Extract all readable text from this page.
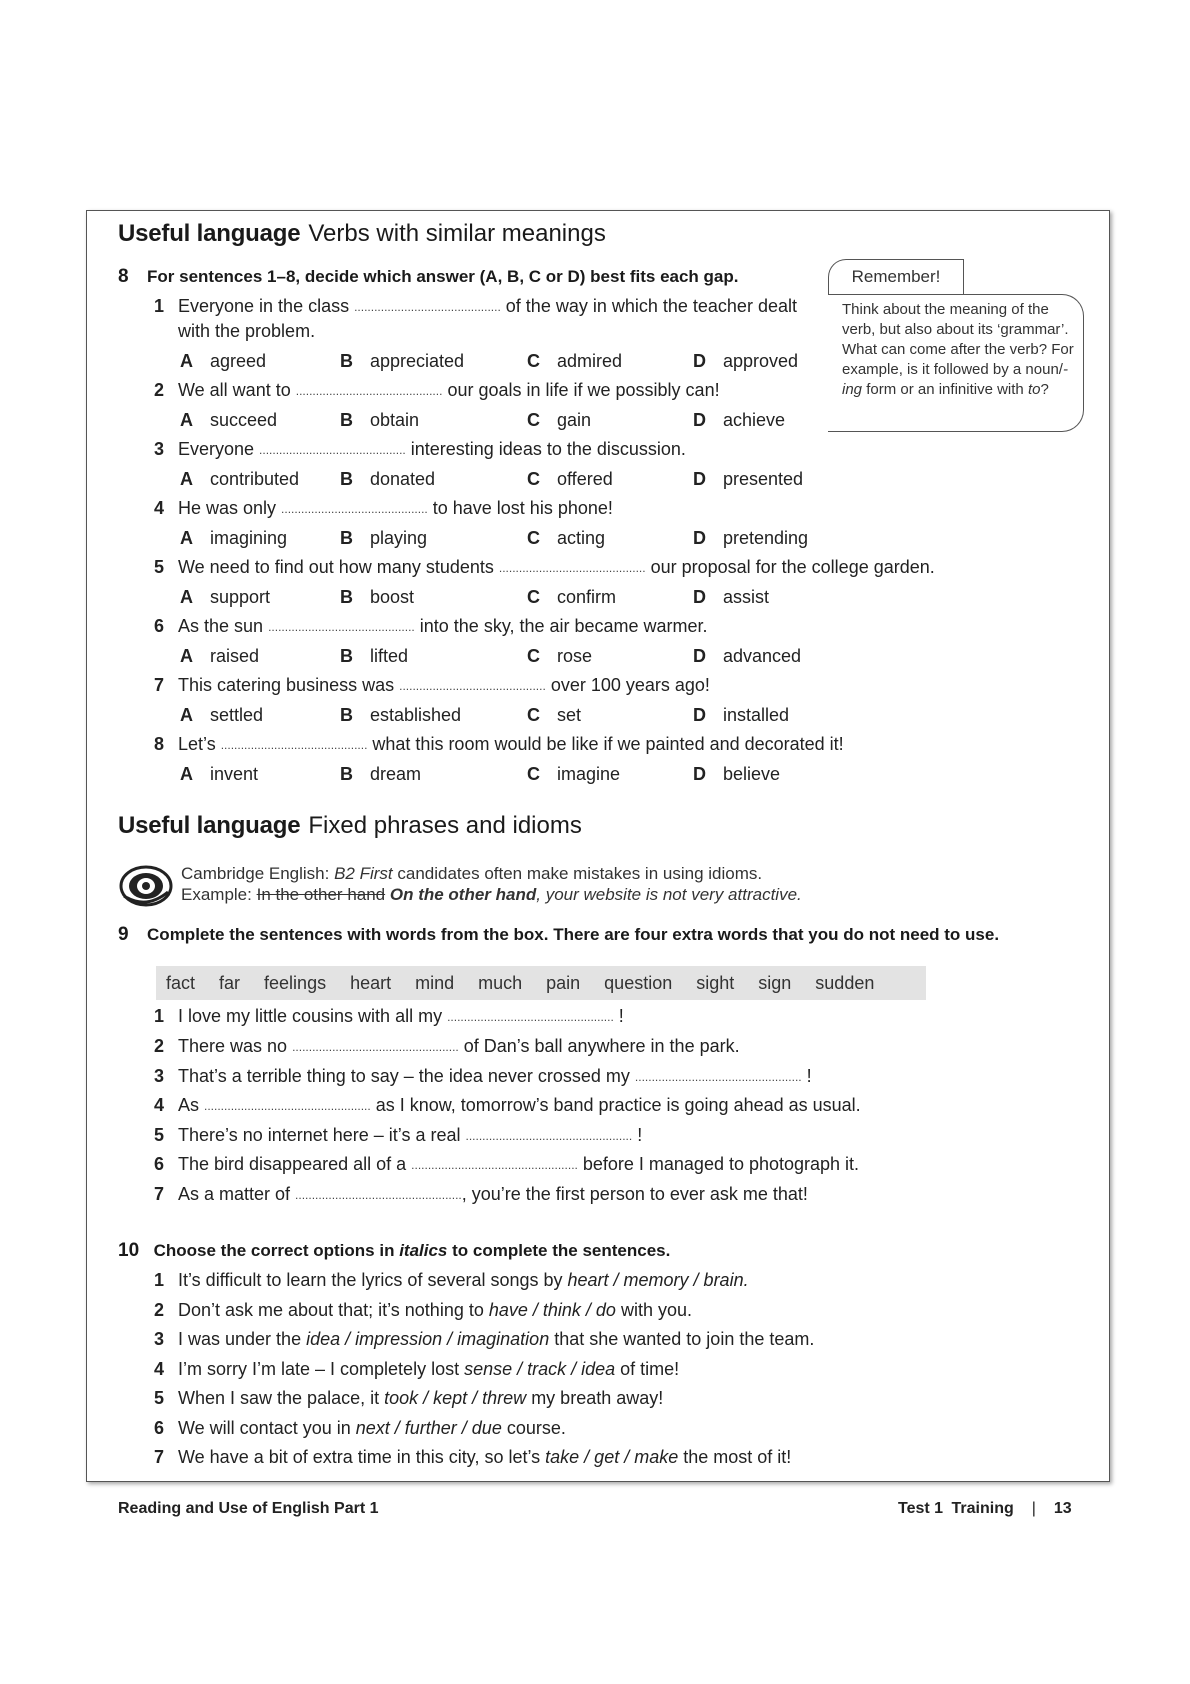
Useful language Verbs with similar meanings
8 For sentences 1–8, decide which answer (A, B, C or D) best fits each gap.	Remember!
Think about the meaning of the verb, but also about its ‘grammar’. What can come after the verb? For example, is it followed by a noun/-ing form or an infinitive with to?
1 Everyone in the class ............................................ of the way in which the teacher dealt
with the problem.
A agreed	B appreciated	C admired	D approved
2 We all want to ............................................ our goals in life if we possibly can!
A succeed	B obtain	C gain	D achieve
3 Everyone ............................................ interesting ideas to the discussion.
A contributed B donated	C offered	D presented
4 He was only ............................................ to have lost his phone!
A imagining	B playing	C acting	D pretending
5 We need to find out how many students ............................................ our proposal for the college garden.
A support	B boost	C confirm	D assist
6 As the sun ............................................ into the sky, the air became warmer.
A raised	B lifted	C rose	D advanced
7 This catering business was ............................................ over 100 years ago!
A settled	B established	C set	D installed
8 Let’s ............................................ what this room would be like if we painted and decorated it!
A invent	B dream	C imagine	D believe
Useful language Fixed phrases and idioms
Cambridge English: B2 First candidates often make mistakes in using idioms.
Example: In the other hand On the other hand, your website is not very attractive.
9 Complete the sentences with words from the box. There are four extra words that you do not need to use.
fact far feelings heart mind much pain question sight sign sudden
1 I love my little cousins with all my .................................................. !
2 There was no .................................................. of Dan’s ball anywhere in the park.
3 That’s a terrible thing to say – the idea never crossed my .................................................. !
4 As .................................................. as I know, tomorrow’s band practice is going ahead as usual.
5 There’s no internet here – it’s a real .................................................. !
6 The bird disappeared all of a .................................................. before I managed to photograph it.
7 As a matter of .................................................., you’re the first person to ever ask me that!
10 Choose the correct options in italics to complete the sentences.
1 It’s difficult to learn the lyrics of several songs by heart / memory / brain.
2 Don’t ask me about that; it’s nothing to have / think / do with you.
3 I was under the idea / impression / imagination that she wanted to join the team.
4 I’m sorry I’m late – I completely lost sense / track / idea of time!
5 When I saw the palace, it took / kept / threw my breath away!
6 We will contact you in next / further / due course.
7 We have a bit of extra time in this city, so let’s take / get / make the most of it!
Reading and Use of English Part 1	Test 1 Training | 13
